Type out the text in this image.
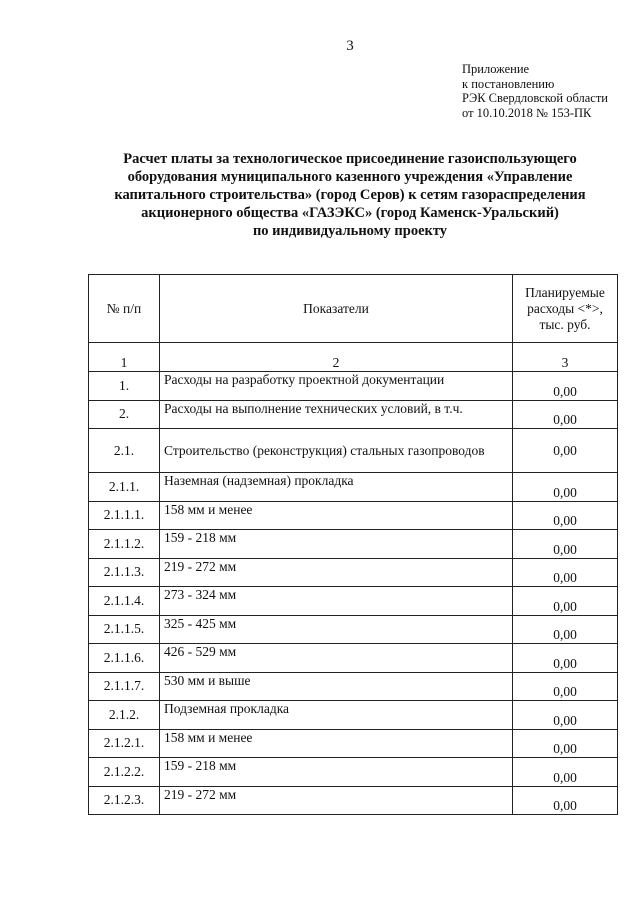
3
Приложение
к постановлению
РЭК Свердловской области
от 10.10.2018 № 153-ПК
Расчет платы за технологическое присоединение газоиспользующего
оборудования муниципального казенного учреждения «Управление
капитального строительства» (город Серов) к сетям газораспределения
акционерного общества «ГАЗЭКС» (город Каменск-Уральский)
по индивидуальному проекту
№ п/п	Показатели	Планируемые
расходы <*>,
тыс. руб.
1	2	3
1.	Расходы на разработку проектной документации	0,00
2.	Расходы на выполнение технических условий, в т.ч.	0,00
2.1.	Строительство (реконструкция) стальных газопроводов	0,00
2.1.1.	Наземная (надземная) прокладка	0,00
2.1.1.1.	158 мм и менее	0,00
2.1.1.2.	159 - 218 мм	0,00
2.1.1.3.	219 - 272 мм	0,00
2.1.1.4.	273 - 324 мм	0,00
2.1.1.5.	325 - 425 мм	0,00
2.1.1.6.	426 - 529 мм	0,00
2.1.1.7.	530 мм и выше	0,00
2.1.2.	Подземная прокладка	0,00
2.1.2.1.	158 мм и менее	0,00
2.1.2.2.	159 - 218 мм	0,00
2.1.2.3.	219 - 272 мм	0,00
